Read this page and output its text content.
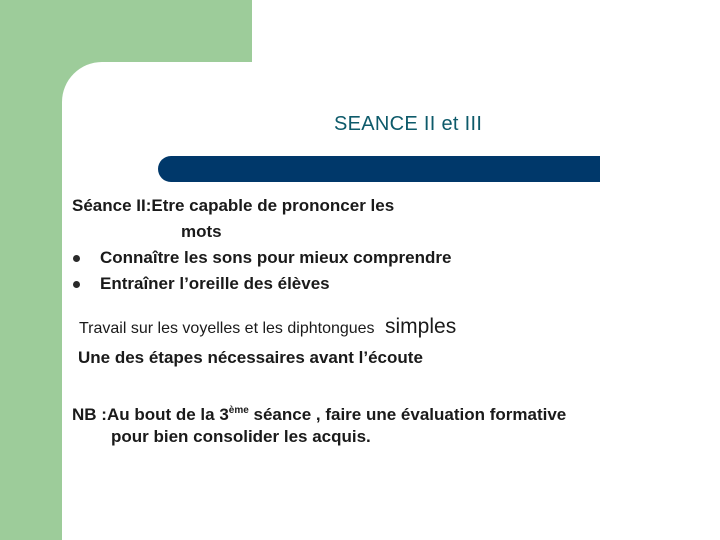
SEANCE II et III
Séance II:Etre capable de prononcer les
mots
Connaître les sons pour mieux comprendre
Entraîner l’oreille des élèves
Travail sur les voyelles et les diphtongues simples
Une des étapes nécessaires avant l’écoute
NB :Au bout de la 3ème séance , faire une évaluation formative
pour bien consolider les acquis.
